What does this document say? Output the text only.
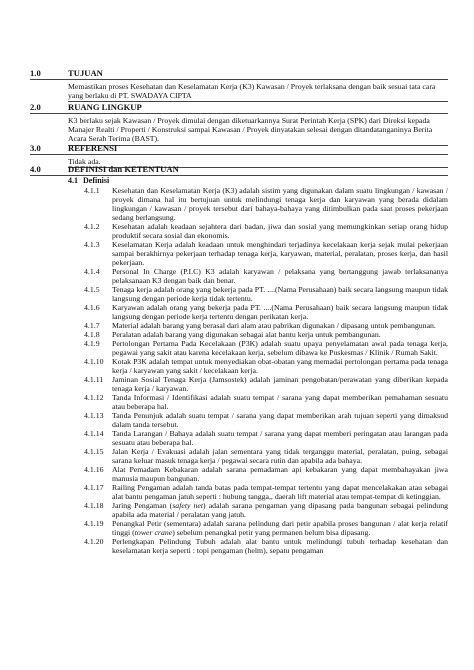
1.0	TUJUAN
Memastikan proses Kesehatan dan Keselamatan Kerja (K3) Kawasan / Proyek terlaksana dengan baik sesuai tata cara yang berlaku di PT. SWADAYA CIPTA
2.0	RUANG LINGKUP
K3 berlaku sejak Kawasan / Proyek dimulai dengan diketuarkannya Surat Perintah Kerja (SPK) dari Direksi kepada Manajer Realti / Properti / Konstruksi sampai Kawasan / Proyek dinyatakan selesai dengan ditandatanganinya Berita Acara Serah Terima (BAST).
3.0	REFERENSI
Tidak ada.
4.0	DEFINISI dan KETENTUAN
4.1 Definisi
4.1.1	Kesehatan dan Keselamatan Kerja (K3) adalah sistim yang digunakan dalam suatu lingkungan / kawasan / proyek dimana hal itu bertujuan untuk melindungi tenaga kerja dan karyawan yang berada didalam lingkungan / kawasan / proyek tersebut dari bahaya-bahaya yang ditimbulkan pada saat proses pekerjaan sedang berlangsung.
4.1.2	Kesehatan adalah keadaan sejahtera dari badan, jiwa dan sosial yang memungkinkan setiap orang hidup produktif secara sosial dan ekonomis.
4.1.3	Keselamatan Kerja adalah keadaan untuk menghindari terjadinya kecelakaan kerja sejak mulai pekerjaan sampai berakhirnya pekerjaan terhadap tenaga kerja, karyawan, material, peralatan, proses kerja, dan hasil pekerjaan.
4.1.4	Personal In Charge (P.I.C) K3 adalah karyawan / pelaksana yang bertanggung jawab terlaksananya pelaksanaan K3 dengan baik dan benar.
4.1.5	Tenaga kerja adalah orang yang bekerja pada PT. ....(Nama Perusahaan) baik secara langsung maupun tidak langsung dengan periode kerja tidak tertentu.
4.1.6	Karyawan adalah orang yang bekerja pada PT. ....(Nama Perusahaan) baik secara langsung maupun tidak langsung dengan periode kerja tertentu dengan perikatan kerja.
4.1.7	Material adalah barang yang berasal dari alam atau pabrikan digunakan / dipasang untuk pembangunan.
4.1.8	Peralatan adalah barang yang digunakan sebagai alat bantu kerja untuk pembangunan.
4.1.9	Pertolongan Pertama Pada Kecelakaan (P3K) adalah suatu upaya penyelamatan awal pada tenaga kerja, pegawai yang sakit atau karena kecelakaan kerja, sebelum dibawa ke Puskesmas / Klinik / Rumah Sakit.
4.1.10	Kotak P3K adalah tempat untuk menyediakan obat-obatan yang memadai pertolongan pertama pada tenaga kerja / karyawan yang sakit / kecelakaan kerja.
4.1.11	Jaminan Sosial Tenaga Kerja (Jamsostek) adalah jaminan pengobatan/perawatan yang diberikan kepada tenaga kerja / karyawan.
4.1.12	Tanda Informasi / Identifikasi adalah suatu tempat / sarana yang dapat memberikan pemahaman sesuatu atau beberapa hal.
4.1.13	Tanda Penunjuk adalah suatu tempat / sarana yang dapat memberikan arah tujuan seperti yang dimaksud dalam tanda tersebut.
4.1.14	Tanda Larangan / Bahaya adalah suatu tempat / sarana yang dapat memberi peringatan atau larangan pada sesuatu atau beberapa hal.
4.1.15	Jalan Kerja / Evakuasi adalah jalan sementara yang tidak terganggu material, peralatan, puing, sebagai sarana keluar masuk tenaga kerja / pegawai secara rutin dan apabila ada bahaya.
4.1.16	Alat Pemadam Kebakaran adalah sarana pemadaman api kebakaran yang dapat membahayakan jiwa manusia maupun bangunan.
4.1.17	Railing Pengaman adalah tanda batas pada tempat-tempat tertentu yang dapat mencelakakan atau sebagai alat bantu pengaman jatuh seperti : hubung tangga,, daerah lift material atau tempat-tempat di ketinggian.
4.1.18	Jaring Pengaman (safety net) adalah sarana pengaman yang dipasang pada bangunan sebagai pelindung apabila ada material / peralatan yang jatuh.
4.1.19	Penangkal Petir (sementara) adalah sarana pelindung dari petir apabila proses bangunan / alat kerja relatif tinggi (tower crane) sebelum penangkal petir yang permanen belum bisa dipasang.
4.1.20	Perlengkapan Pelindung Tubuh adalah alat bantu untuk melindungi tubuh terhadap kesehatan dan keselamatan kerja seperti : topi pengaman (helm), sepatu pengaman
